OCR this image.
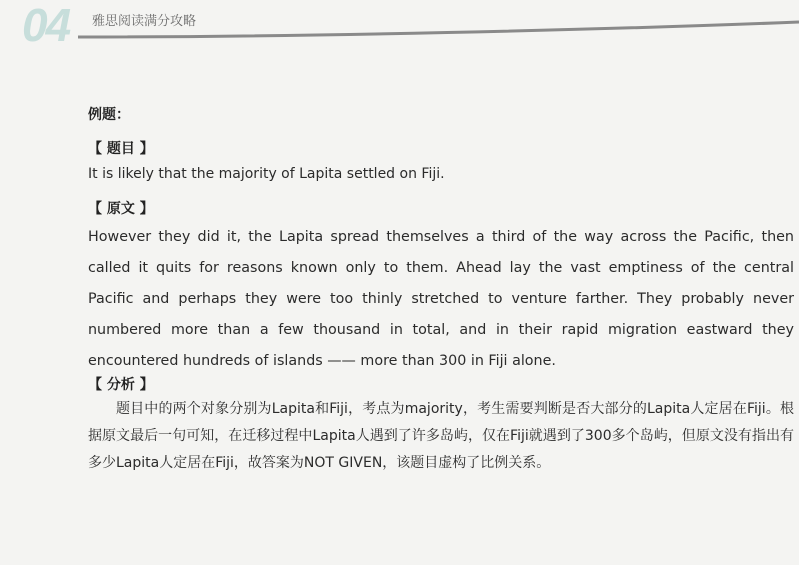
04 雅思阅读满分攻略
例题：
【 题目 】
It is likely that the majority of Lapita settled on Fiji.
【 原文 】
However they did it, the Lapita spread themselves a third of the way across the Pacific, then
called it quits for reasons known only to them. Ahead lay the vast emptiness of the central
Pacific and perhaps they were too thinly stretched to venture farther. They probably never
numbered more than a few thousand in total, and in their rapid migration eastward they
encountered hundreds of islands —— more than 300 in Fiji alone.
【 分析 】
题目中的两个对象分别为Lapita和Fiji，考点为majority，考生需要判断是否大部分的Lapita人定居在Fiji。根据原文最后一句可知，在迁移过程中Lapita人遇到了许多岛屿，仅在Fiji就遇到了300多个岛屿，但原文没有指出有多少Lapita人定居在Fiji，故答案为NOT GIVEN，该题目虚构了比例关系。
